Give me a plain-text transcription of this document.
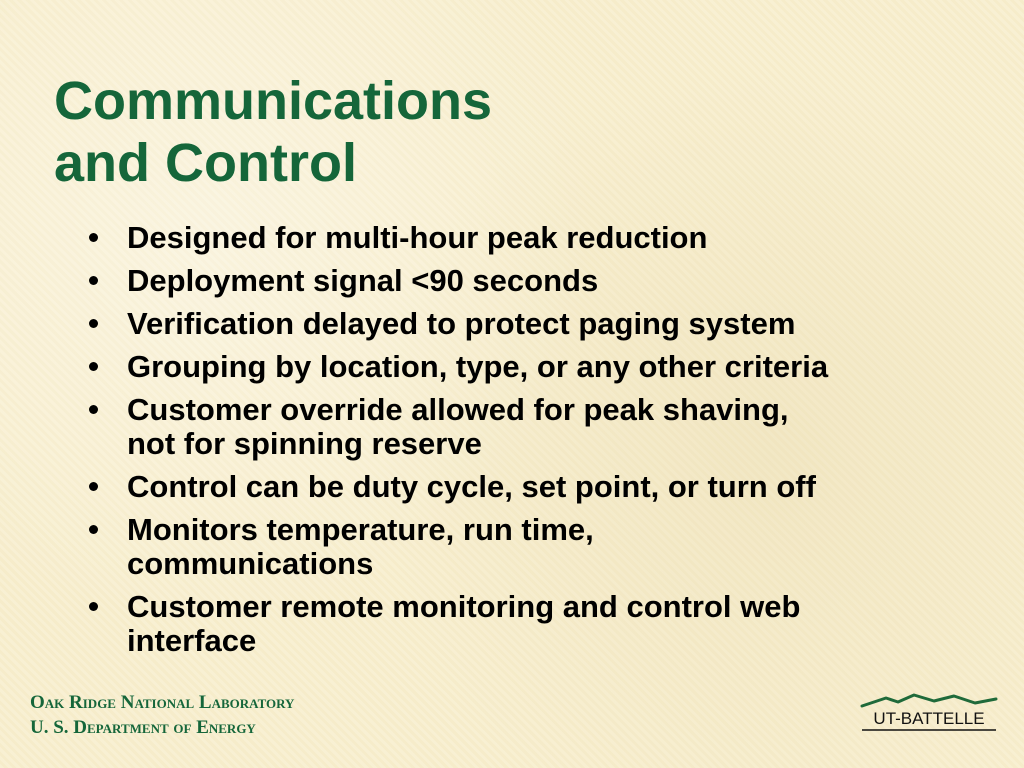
Communications
and Control
Designed for multi-hour peak reduction
Deployment signal <90 seconds
Verification delayed to protect paging system
Grouping by location, type, or any other criteria
Customer override allowed for peak shaving,
not for spinning reserve
Control can be duty cycle, set point, or turn off
Monitors temperature, run time,
communications
Customer remote monitoring and control web
interface
Oak Ridge National Laboratory
U. S. Department of Energy	UT-BATTELLE
